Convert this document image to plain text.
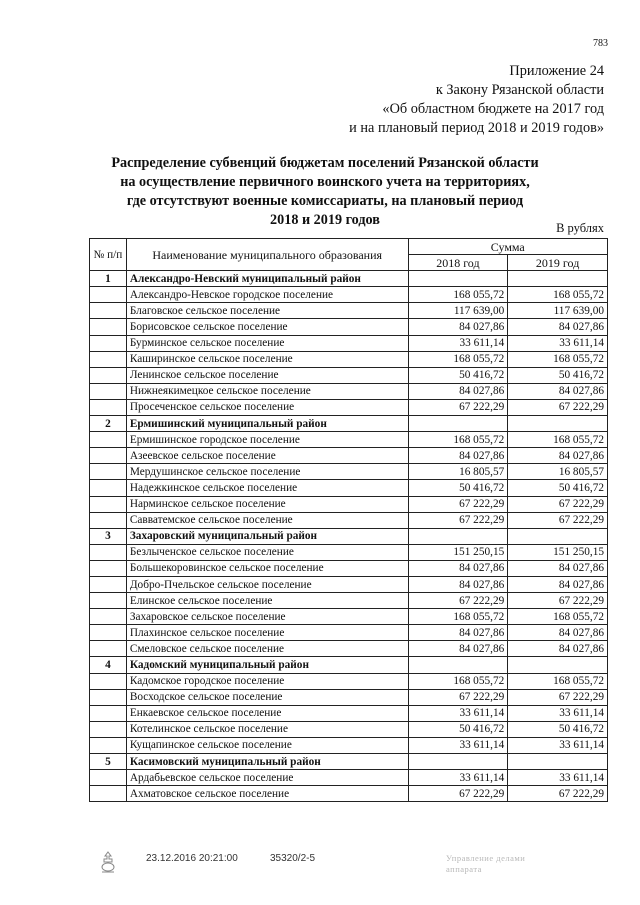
783
Приложение 24
к Закону Рязанской области
«Об областном бюджете на 2017 год
и на плановый период 2018 и 2019 годов»
Распределение субвенций бюджетам поселений Рязанской области
на осуществление первичного воинского учета на территориях,
где отсутствуют военные комиссариаты, на плановый период
2018 и 2019 годов	В рублях
№ п/п	Наименование муниципального образования	Сумма	
		2018 год	2019 год
1	Александро-Невский муниципальный район		
	Александро-Невское городское поселение	168 055,72	168 055,72
	Благовское сельское поселение	117 639,00	117 639,00
	Борисовское сельское поселение	84 027,86	84 027,86
	Бурминское сельское поселение	33 611,14	33 611,14
	Каширинское сельское поселение	168 055,72	168 055,72
	Ленинское сельское поселение	50 416,72	50 416,72
	Нижнеякимецкое сельское поселение	84 027,86	84 027,86
	Просеченское сельское поселение	67 222,29	67 222,29
2	Ермишинский муниципальный район		
	Ермишинское городское поселение	168 055,72	168 055,72
	Азеевское сельское поселение	84 027,86	84 027,86
	Мердушинское сельское поселение	16 805,57	16 805,57
	Надежкинское сельское поселение	50 416,72	50 416,72
	Нарминское сельское поселение	67 222,29	67 222,29
	Савватемское сельское поселение	67 222,29	67 222,29
3	Захаровский муниципальный район		
	Безлыченское сельское поселение	151 250,15	151 250,15
	Большекоровинское сельское поселение	84 027,86	84 027,86
	Добро-Пчельское сельское поселение	84 027,86	84 027,86
	Елинское сельское поселение	67 222,29	67 222,29
	Захаровское сельское поселение	168 055,72	168 055,72
	Плахинское сельское поселение	84 027,86	84 027,86
	Смеловское сельское поселение	84 027,86	84 027,86
4	Кадомский муниципальный район		
	Кадомское городское поселение	168 055,72	168 055,72
	Восходское сельское поселение	67 222,29	67 222,29
	Енкаевское сельское поселение	33 611,14	33 611,14
	Котелинское сельское поселение	50 416,72	50 416,72
	Кущапинское сельское поселение	33 611,14	33 611,14
5	Касимовский муниципальный район		
	Ардабьевское сельское поселение	33 611,14	33 611,14
	Ахматовское сельское поселение	67 222,29	67 222,29
23.12.2016 20:21:00	35320/2-5	Управление делами аппарата
